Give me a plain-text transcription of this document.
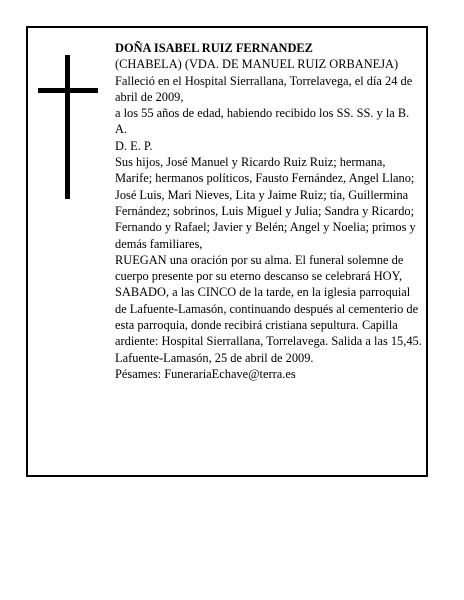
DOÑA ISABEL RUIZ FERNANDEZ

(CHABELA) (VDA. DE MANUEL RUIZ ORBANEJA)

Falleció en el Hospital Sierrallana, Torrelavega, el día 24 de abril de 2009,

a los 55 años de edad, habiendo recibido los SS. SS. y la B. A.

D. E. P.

Sus hijos, José Manuel y Ricardo Ruiz Ruiz; hermana, Marife; hermanos políticos, Fausto Fernández, Angel Llano; José Luis, Mari Nieves, Lita y Jaime Ruiz; tía, Guillermina Fernández; sobrinos, Luis Miguel y Julia; Sandra y Ricardo; Fernando y Rafael; Javier y Belén; Angel y Noelia; primos y demás familiares,

RUEGAN una oración por su alma. El funeral solemne de cuerpo presente por su eterno descanso se celebrará HOY, SABADO, a las CINCO de la tarde, en la iglesia parroquial de Lafuente-Lamasón, continuando después al cementerio de esta parroquia, donde recibirá cristiana sepultura. Capilla ardiente: Hospital Sierrallana, Torrelavega. Salida a las 15,45.

Lafuente-Lamasón, 25 de abril de 2009.

Pésames: FunerariaEchave@terra.es
